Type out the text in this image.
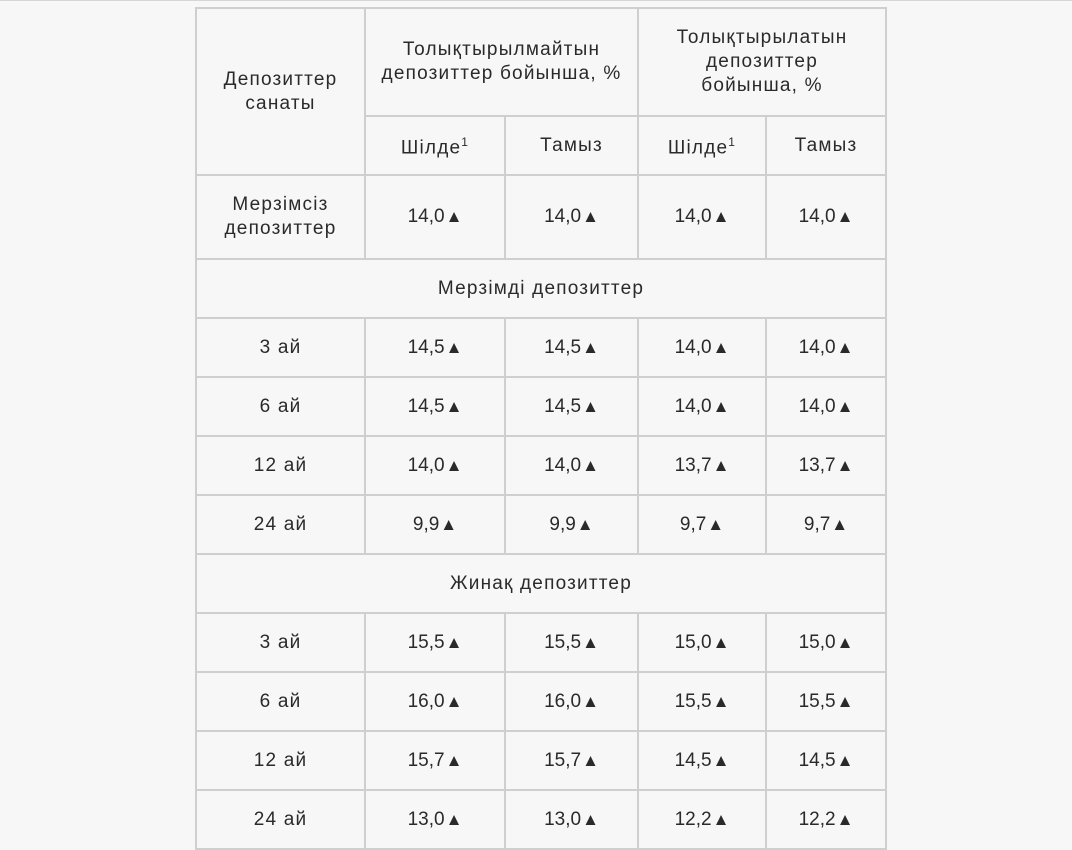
Депозиттер санаты	Толықтырылмайтын депозиттер бойынша, %		Толықтырылатын депозиттер бойынша, %	
	Шілде$^1$	Тамыз	Шілде$^1$	Тамыз
Мерзімсіз депозиттер	14,0▲	14,0▲	14,0▲	14,0▲
Мерзімді депозиттер				
3 ай	14,5▲	14,5▲	14,0▲	14,0▲
6 ай	14,5▲	14,5▲	14,0▲	14,0▲
12 ай	14,0▲	14,0▲	13,7▲	13,7▲
24 ай	9,9▲	9,9▲	9,7▲	9,7▲
Жинақ депозиттер				
3 ай	15,5▲	15,5▲	15,0▲	15,0▲
6 ай	16,0▲	16,0▲	15,5▲	15,5▲
12 ай	15,7▲	15,7▲	14,5▲	14,5▲
24 ай	13,0▲	13,0▲	12,2▲	12,2▲
